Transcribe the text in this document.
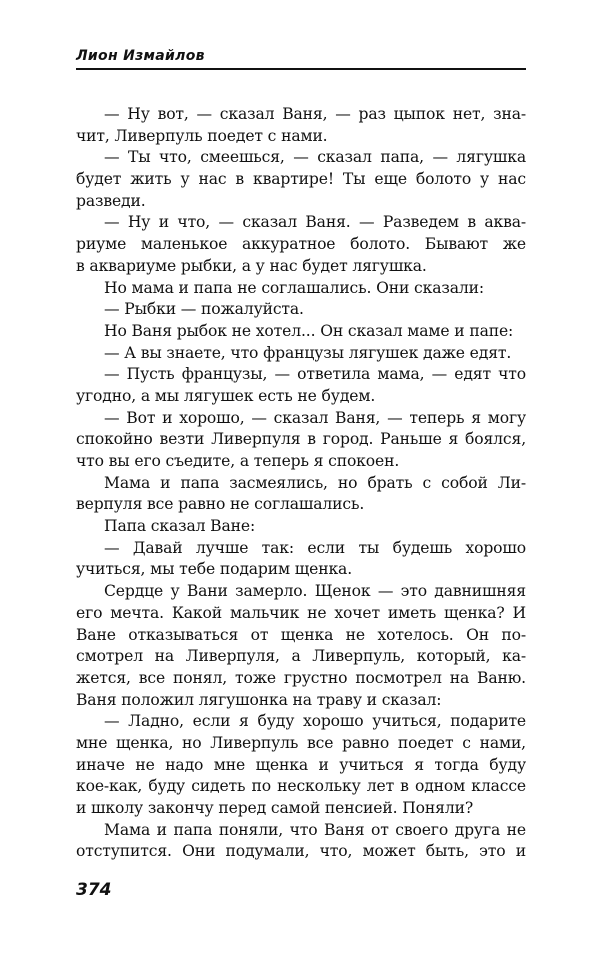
Лион Измайлов
— Ну вот, — сказал Ваня, — раз цыпок нет, зна-
чит, Ливерпуль поедет с нами.
— Ты что, смеешься, — сказал папа, — лягушка
будет жить у нас в квартире! Ты еще болото у нас
разведи.
— Ну и что, — сказал Ваня. — Разведем в аква-
риуме маленькое аккуратное болото. Бывают же
в аквариуме рыбки, а у нас будет лягушка.
Но мама и папа не соглашались. Они сказали:
— Рыбки — пожалуйста.
Но Ваня рыбок не хотел... Он сказал маме и папе:
— А вы знаете, что французы лягушек даже едят.
— Пусть французы, — ответила мама, — едят что
угодно, а мы лягушек есть не будем.
— Вот и хорошо, — сказал Ваня, — теперь я могу
спокойно везти Ливерпуля в город. Раньше я боялся,
что вы его съедите, а теперь я спокоен.
Мама и папа засмеялись, но брать с собой Ли-
верпуля все равно не соглашались.
Папа сказал Ване:
— Давай лучше так: если ты будешь хорошо
учиться, мы тебе подарим щенка.
Сердце у Вани замерло. Щенок — это давнишняя
его мечта. Какой мальчик не хочет иметь щенка? И
Ване отказываться от щенка не хотелось. Он по-
смотрел на Ливерпуля, а Ливерпуль, который, ка-
жется, все понял, тоже грустно посмотрел на Ваню.
Ваня положил лягушонка на траву и сказал:
— Ладно, если я буду хорошо учиться, подарите
мне щенка, но Ливерпуль все равно поедет с нами,
иначе не надо мне щенка и учиться я тогда буду
кое-как, буду сидеть по нескольку лет в одном классе
и школу закончу перед самой пенсией. Поняли?
Мама и папа поняли, что Ваня от своего друга не
отступится. Они подумали, что, может быть, это и
374
